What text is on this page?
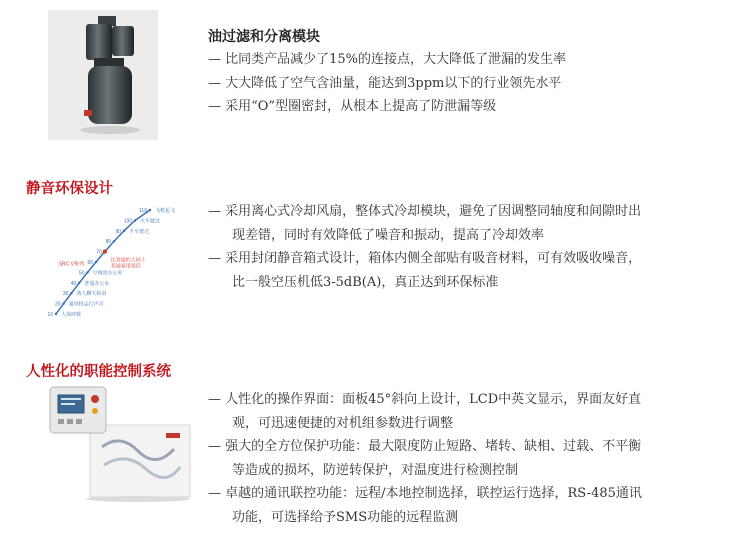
油过滤和分离模块
— 比同类产品减少了15%的连接点，大大降低了泄漏的发生率
— 大大降低了空气含油量，能达到3ppm以下的行业领先水平
— 采用“O”型圈密封，从根本上提高了防泄漏等级
静音环保设计
110 飞机起飞
100 火车驶过
90 卡车驶过
80
70
60
50 空调的办公室
40 普通办公室
30 典人聊天和浴
20 通风机运行声音
10 人体呼吸
SRC V系列
比普通的大同上
普通家用谈话
— 采用离心式冷却风扇，整体式冷却模块，避免了因调整同轴度和间隙时出
现差错，同时有效降低了噪音和振动，提高了冷却效率
— 采用封闭静音箱式设计，箱体内侧全部贴有吸音材料，可有效吸收噪音，
比一般空压机低3-5dB(A)，真正达到环保标准
人性化的职能控制系统
— 人性化的操作界面：面板45°斜向上设计，LCD中英文显示，界面友好直
观，可迅速便捷的对机组参数进行调整
— 强大的全方位保护功能：最大限度防止短路、堵转、缺相、过载、不平衡
等造成的损坏，防逆转保护，对温度进行检测控制
— 卓越的通讯联控功能：远程/本地控制选择，联控运行选择，RS-485通讯
功能，可选择给予SMS功能的远程监测
